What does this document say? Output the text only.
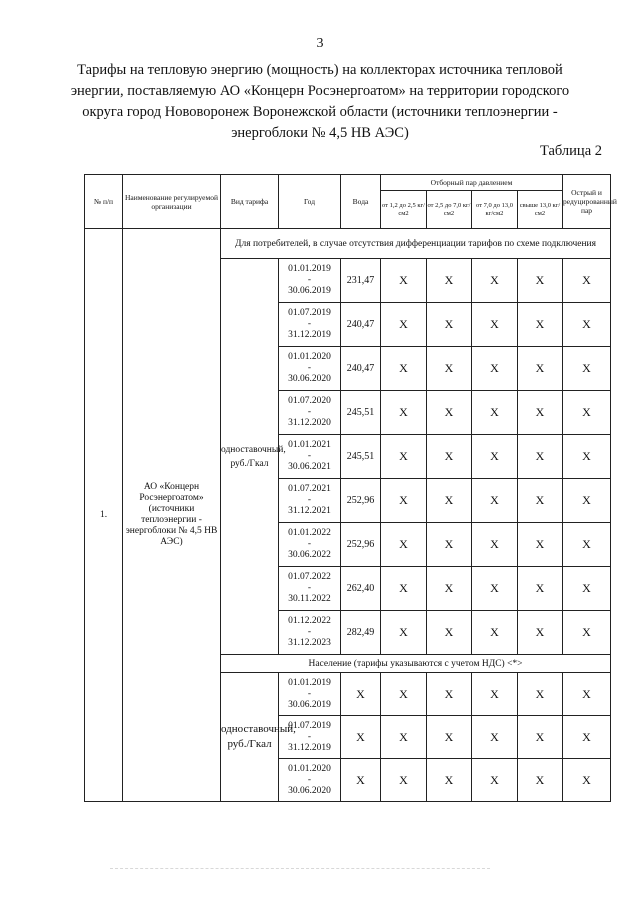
3
Тарифы на тепловую энергию (мощность) на коллекторах источника тепловой энергии, поставляемую АО «Концерн Росэнергоатом» на территории городского округа город Нововоронеж Воронежской области (источники теплоэнергии - энергоблоки № 4,5 НВ АЭС)
Таблица 2
№ п/п	Наименование регулируемой организации	Вид тарифа	Год	Вода	Отборный пар давлением				Острый и редуцированный пар
					от 1,2 до 2,5 кг/см2	от 2,5 до 7,0 кг/см2	от 7,0 до 13,0 кг/см2	свыше 13,0 кг/см2	
1.	АО «Концерн Росэнергоатом» (источники теплоэнергии - энергоблоки № 4,5 НВ АЭС)	Для потребителей, в случае отсутствия дифференциации тарифов по схеме подключения							
		одноставочный, руб./Гкал	01.01.2019
-
30.06.2019	231,47	X	X	X	X	X

			01.07.2019
-
31.12.2019	240,47	X	X	X	X	X

			01.01.2020
-
30.06.2020	240,47	X	X	X	X	X

			01.07.2020
-
31.12.2020	245,51	X	X	X	X	X

			01.01.2021
-
30.06.2021	245,51	X	X	X	X	X

			01.07.2021
-
31.12.2021	252,96	X	X	X	X	X

			01.01.2022
-
30.06.2022	252,96	X	X	X	X	X

			01.07.2022
-
30.11.2022	262,40	X	X	X	X	X

			01.12.2022
-
31.12.2023	282,49	X	X	X	X	X
		Население (тарифы указываются с учетом НДС) <*>							
		одноставочный, руб./Гкал	01.01.2019
-
30.06.2019	X	X	X	X	X	X

			01.07.2019
-
31.12.2019	X	X	X	X	X	X

			01.01.2020
-
30.06.2020	X	X	X	X	X	X
